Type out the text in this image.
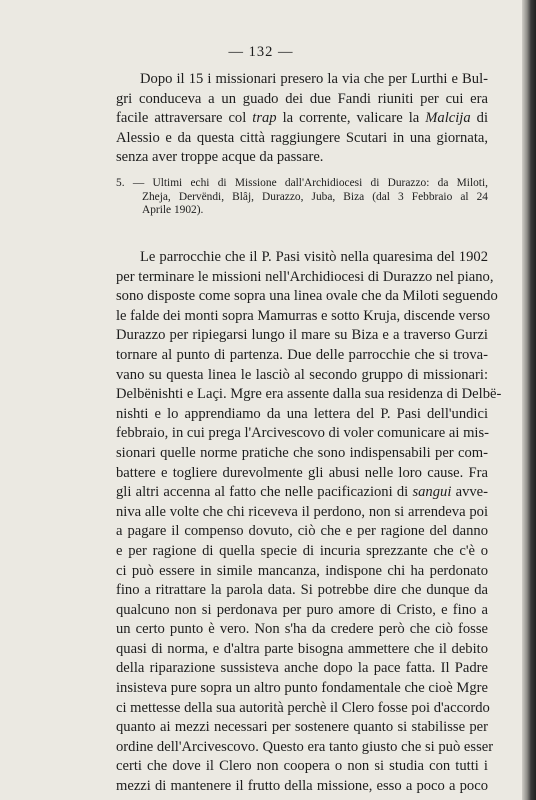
— 132 —
Dopo il 15 i missionari presero la via che per Lurthi e Bul-
gri conduceva a un guado dei due Fandi riuniti per cui era
facile attraversare col trap la corrente, valicare la Malcija di
Alessio e da questa città raggiungere Scutari in una giornata,
senza aver troppe acque da passare.
5. — Ultimi echi di Missione dall'Archidiocesi di Durazzo: da Miloti,
Zheja, Dervëndi, Blâj, Durazzo, Juba, Biza (dal 3 Febbraio al 24
Aprile 1902).
Le parrocchie che il P. Pasi visitò nella quaresima del 1902
per terminare le missioni nell'Archidiocesi di Durazzo nel piano,
sono disposte come sopra una linea ovale che da Miloti seguendo
le falde dei monti sopra Mamurras e sotto Kruja, discende verso
Durazzo per ripiegarsi lungo il mare su Biza e a traverso Gurzi
tornare al punto di partenza. Due delle parrocchie che si trova-
vano su questa linea le lasciò al secondo gruppo di missionari:
Delbënishti e Laçi. Mgre era assente dalla sua residenza di Delbë-
nishti e lo apprendiamo da una lettera del P. Pasi dell'undici
febbraio, in cui prega l'Arcivescovo di voler comunicare ai mis-
sionari quelle norme pratiche che sono indispensabili per com-
battere e togliere durevolmente gli abusi nelle loro cause. Fra
gli altri accenna al fatto che nelle pacificazioni di sangui avve-
niva alle volte che chi riceveva il perdono, non si arrendeva poi
a pagare il compenso dovuto, ciò che e per ragione del danno
e per ragione di quella specie di incuria sprezzante che c'è o
ci può essere in simile mancanza, indispone chi ha perdonato
fino a ritrattare la parola data. Si potrebbe dire che dunque da
qualcuno non si perdonava per puro amore di Cristo, e fino a
un certo punto è vero. Non s'ha da credere però che ciò fosse
quasi di norma, e d'altra parte bisogna ammettere che il debito
della riparazione sussisteva anche dopo la pace fatta. Il Padre
insisteva pure sopra un altro punto fondamentale che cioè Mgre
ci mettesse della sua autorità perchè il Clero fosse poi d'accordo
quanto ai mezzi necessari per sostenere quanto si stabilisse per
ordine dell'Arcivescovo. Questo era tanto giusto che si può esser
certi che dove il Clero non coopera o non si studia con tutti i
mezzi di mantenere il frutto della missione, esso a poco a poco
